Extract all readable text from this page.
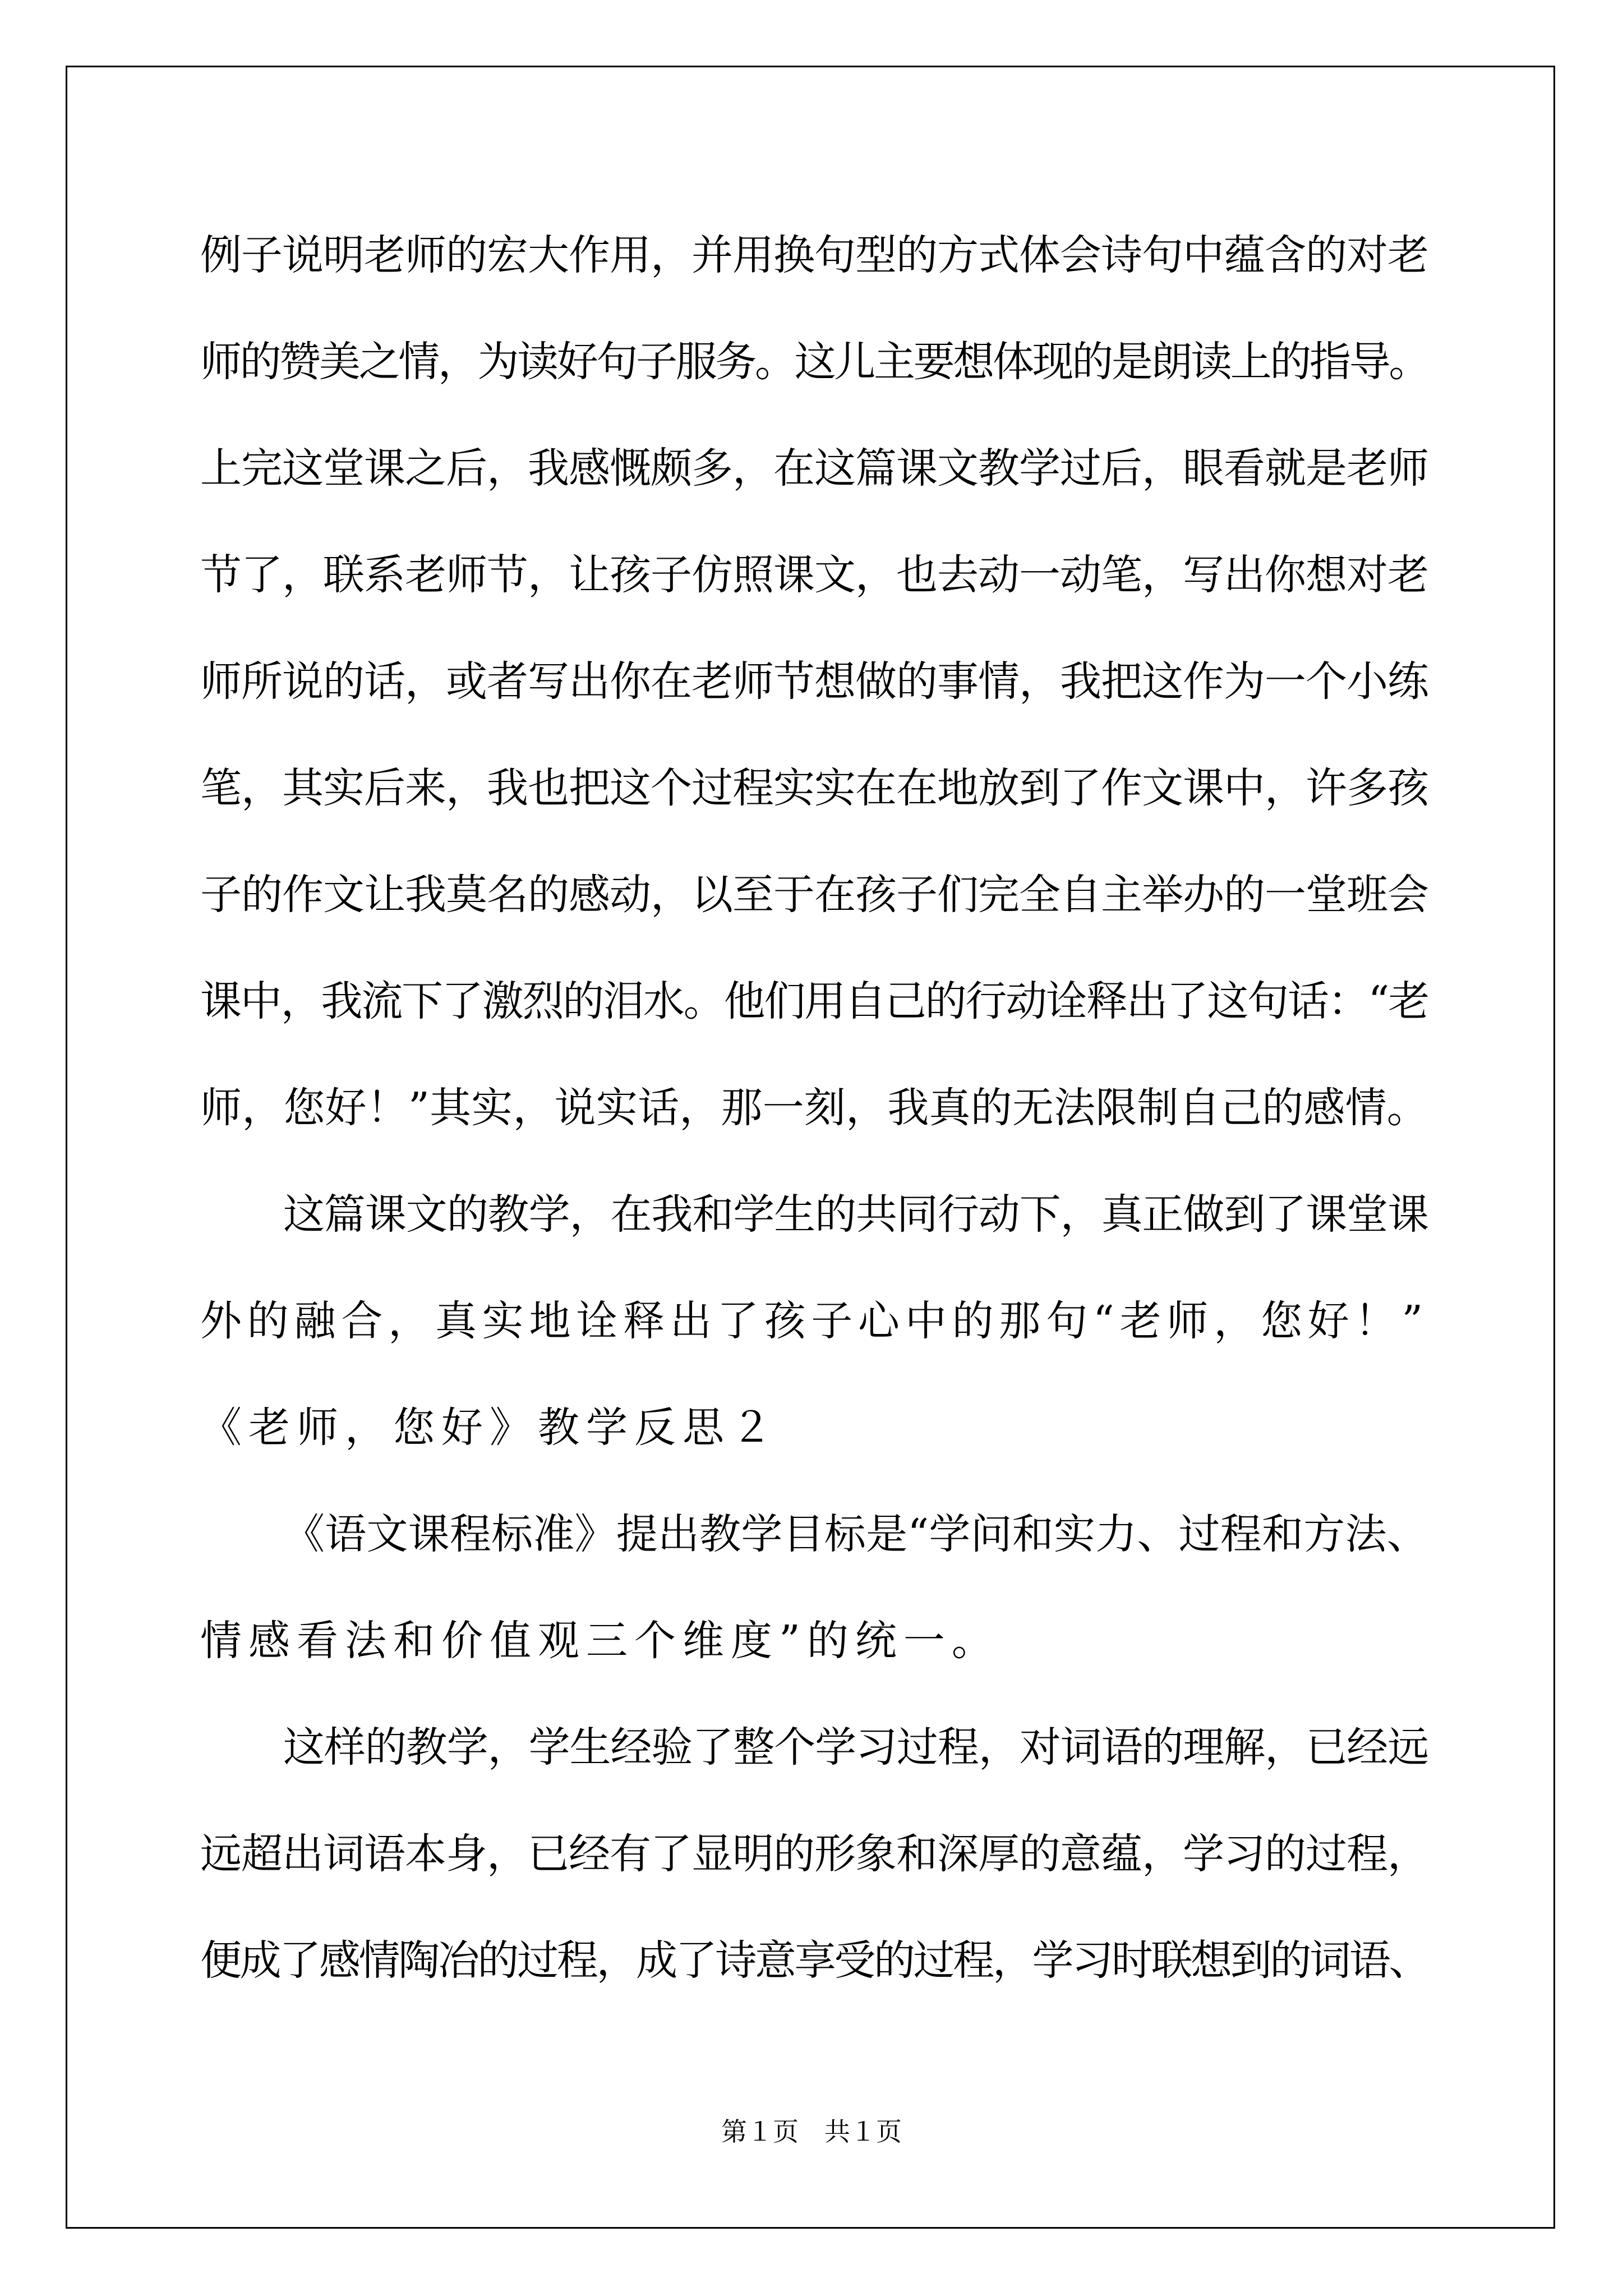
例子说明老师的宏大作用，并用换句型的方式体会诗句中蕴含的对老
师的赞美之情，为读好句子服务。这儿主要想体现的是朗读上的指导。
上完这堂课之后，我感慨颇多，在这篇课文教学过后，眼看就是老师
节了，联系老师节，让孩子仿照课文，也去动一动笔，写出你想对老
师所说的话，或者写出你在老师节想做的事情，我把这作为一个小练
笔，其实后来，我也把这个过程实实在在地放到了作文课中，许多孩
子的作文让我莫名的感动，以至于在孩子们完全自主举办的一堂班会
课中，我流下了激烈的泪水。他们用自己的行动诠释出了这句话：“老
师，您好！”其实，说实话，那一刻，我真的无法限制自己的感情。
这篇课文的教学，在我和学生的共同行动下，真正做到了课堂课
外的融合，真实地诠释出了孩子心中的那句“老师，您好！”
《老师，您好》教学反思２
《语文课程标准》提出教学目标是“学问和实力、过程和方法、
情感看法和价值观三个维度”的统一。
这样的教学，学生经验了整个学习过程，对词语的理解，已经远
远超出词语本身，已经有了显明的形象和深厚的意蕴，学习的过程，
便成了感情陶冶的过程，成了诗意享受的过程，学习时联想到的词语、
第１页　共１页
